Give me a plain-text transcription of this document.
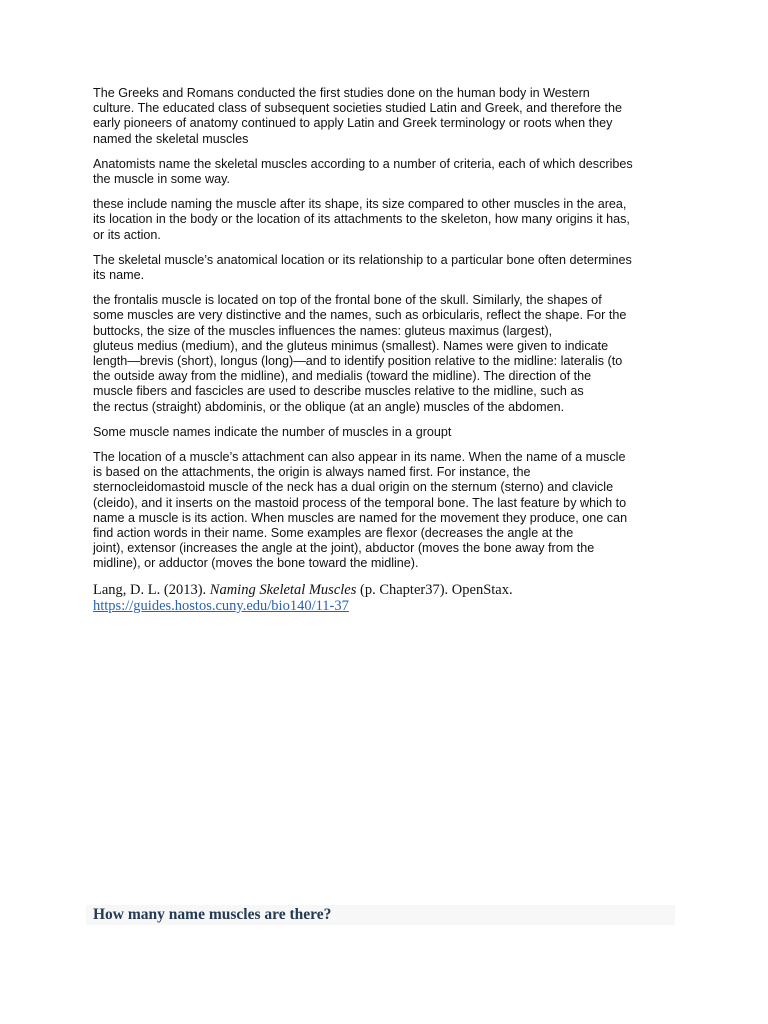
The Greeks and Romans conducted the first studies done on the human body in Western
culture. The educated class of subsequent societies studied Latin and Greek, and therefore the
early pioneers of anatomy continued to apply Latin and Greek terminology or roots when they
named the skeletal muscles

Anatomists name the skeletal muscles according to a number of criteria, each of which describes
the muscle in some way.

these include naming the muscle after its shape, its size compared to other muscles in the area,
its location in the body or the location of its attachments to the skeleton, how many origins it has,
or its action.

The skeletal muscle’s anatomical location or its relationship to a particular bone often determines
its name.

the frontalis muscle is located on top of the frontal bone of the skull. Similarly, the shapes of
some muscles are very distinctive and the names, such as orbicularis, reflect the shape. For the
buttocks, the size of the muscles influences the names: gluteus maximus (largest),
gluteus medius (medium), and the gluteus minimus (smallest). Names were given to indicate
length—brevis (short), longus (long)—and to identify position relative to the midline: lateralis (to
the outside away from the midline), and medialis (toward the midline). The direction of the
muscle fibers and fascicles are used to describe muscles relative to the midline, such as
the rectus (straight) abdominis, or the oblique (at an angle) muscles of the abdomen.

Some muscle names indicate the number of muscles in a groupt

The location of a muscle’s attachment can also appear in its name. When the name of a muscle
is based on the attachments, the origin is always named first. For instance, the
sternocleidomastoid muscle of the neck has a dual origin on the sternum (sterno) and clavicle
(cleido), and it inserts on the mastoid process of the temporal bone. The last feature by which to
name a muscle is its action. When muscles are named for the movement they produce, one can
find action words in their name. Some examples are flexor (decreases the angle at the
joint), extensor (increases the angle at the joint), abductor (moves the bone away from the
midline), or adductor (moves the bone toward the midline).

Lang, D. L. (2013). Naming Skeletal Muscles (p. Chapter37). OpenStax.
https://guides.hostos.cuny.edu/bio140/11-37
How many name muscles are there?
